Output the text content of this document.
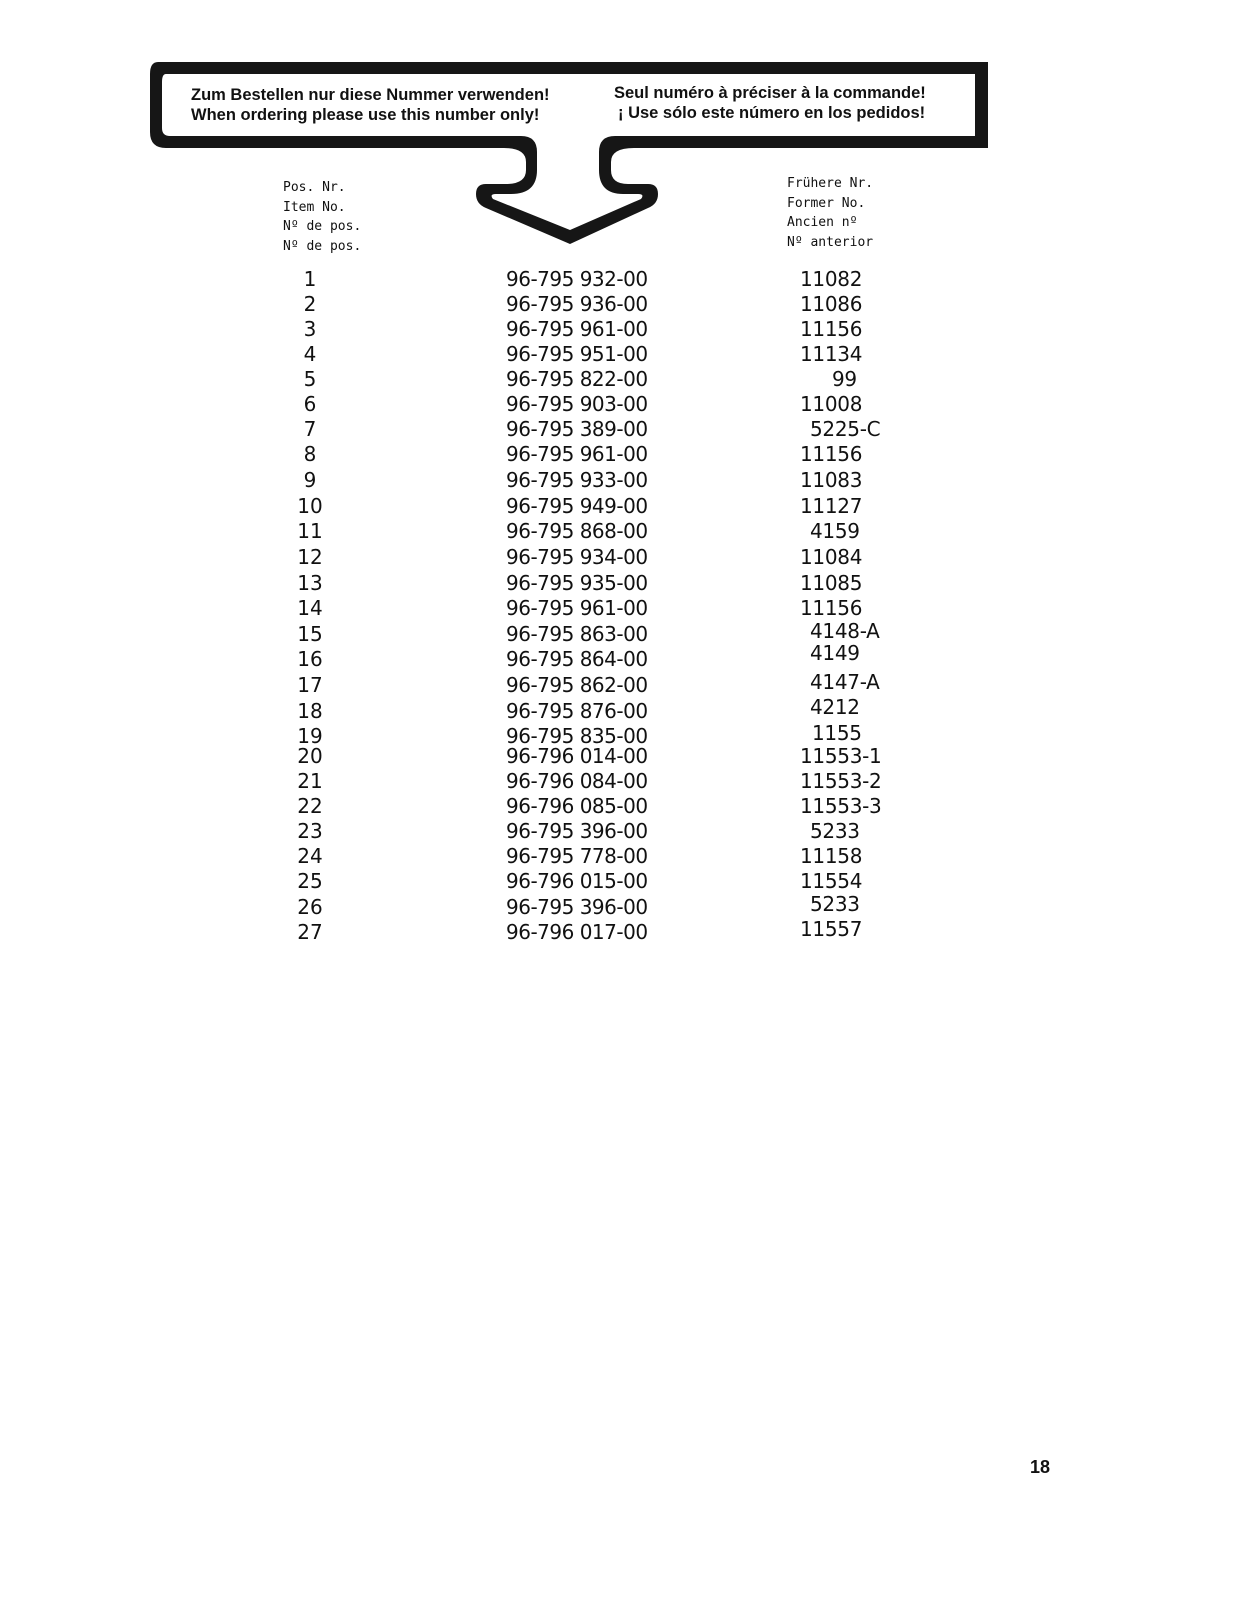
Zum Bestellen nur diese Nummer verwenden!
When ordering please use this number only!
Seul numéro à préciser à la commande!
¡ Use sólo este número en los pedidos!
Pos. Nr.
Item No.
Nº de pos.
Nº de pos.
Frühere Nr.
Former No.
Ancien nº
Nº anterior
1	96-795 932-00	11082
2	96-795 936-00	11086
3	96-795 961-00	11156
4	96-795 951-00	11134
5	96-795 822-00	99
6	96-795 903-00	11008
7	96-795 389-00	5225-C
8	96-795 961-00	11156
9	96-795 933-00	11083
10	96-795 949-00	11127
11	96-795 868-00	4159
12	96-795 934-00	11084
13	96-795 935-00	11085
14	96-795 961-00	11156
15	96-795 863-00	4148-A
16	96-795 864-00	4149
17	96-795 862-00	4147-A
18	96-795 876-00	4212
19	96-795 835-00	1155
20	96-796 014-00	11553-1
21	96-796 084-00	11553-2
22	96-796 085-00	11553-3
23	96-795 396-00	5233
24	96-795 778-00	11158
25	96-796 015-00	11554
26	96-795 396-00	5233
27	96-796 017-00	11557
18
